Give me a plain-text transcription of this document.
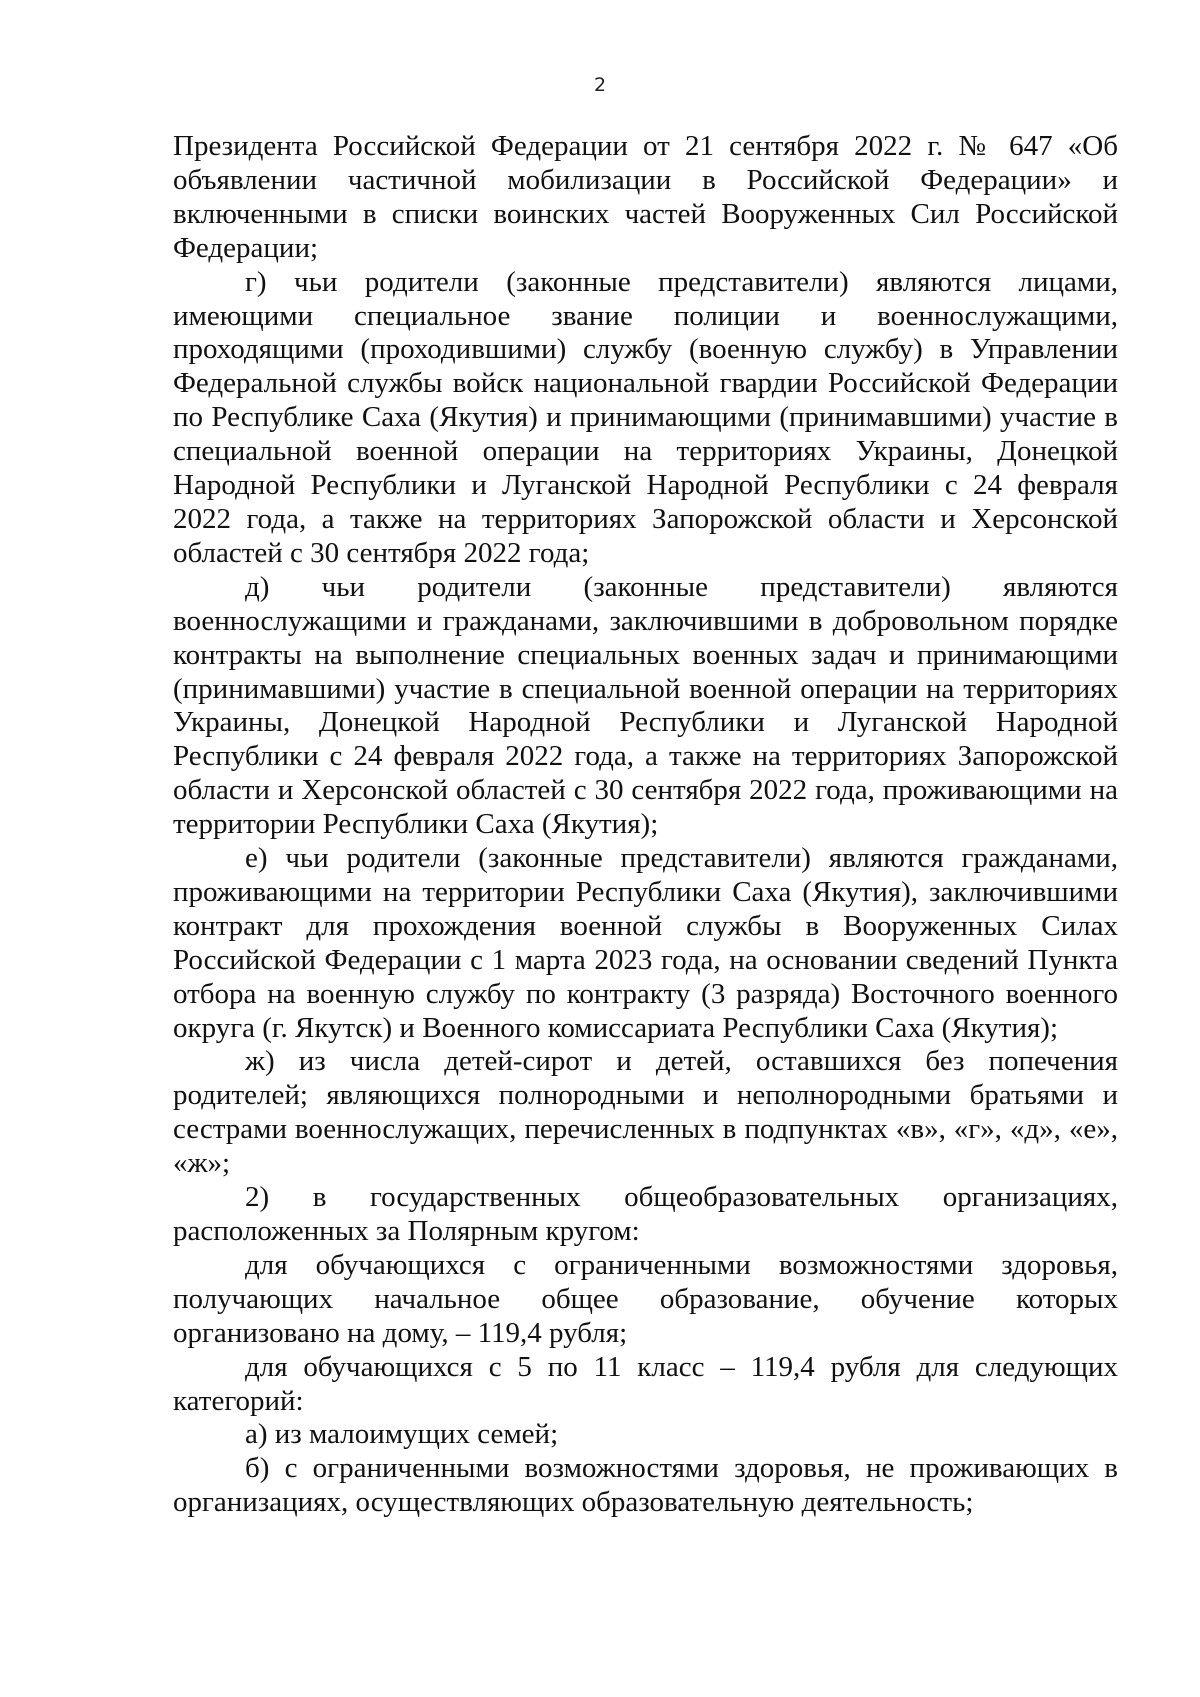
2

Президента Российской Федерации от 21 сентября 2022 г. № 647 «Об объявлении частичной мобилизации в Российской Федерации» и включенными в списки воинских частей Вооруженных Сил Российской Федерации;

г) чьи родители (законные представители) являются лицами, имеющими специальное звание полиции и военнослужащими, проходящими (проходившими) службу (военную службу) в Управлении Федеральной службы войск национальной гвардии Российской Федерации по Республике Саха (Якутия) и принимающими (принимавшими) участие в специальной военной операции на территориях Украины, Донецкой Народной Республики и Луганской Народной Республики с 24 февраля 2022 года, а также на территориях Запорожской области и Херсонской областей с 30 сентября 2022 года;

д) чьи родители (законные представители) являются военнослужащими и гражданами, заключившими в добровольном порядке контракты на выполнение специальных военных задач и принимающими (принимавшими) участие в специальной военной операции на территориях Украины, Донецкой Народной Республики и Луганской Народной Республики с 24 февраля 2022 года, а также на территориях Запорожской области и Херсонской областей с 30 сентября 2022 года, проживающими на территории Республики Саха (Якутия);

е) чьи родители (законные представители) являются гражданами, проживающими на территории Республики Саха (Якутия), заключившими контракт для прохождения военной службы в Вооруженных Силах Российской Федерации с 1 марта 2023 года, на основании сведений Пункта отбора на военную службу по контракту (3 разряда) Восточного военного округа (г. Якутск) и Военного комиссариата Республики Саха (Якутия);

ж) из числа детей-сирот и детей, оставшихся без попечения родителей; являющихся полнородными и неполнородными братьями и сестрами военнослужащих, перечисленных в подпунктах «в», «г», «д», «е», «ж»;

2) в государственных общеобразовательных организациях, расположенных за Полярным кругом:

для обучающихся с ограниченными возможностями здоровья, получающих начальное общее образование, обучение которых организовано на дому, – 119,4 рубля;

для обучающихся с 5 по 11 класс – 119,4 рубля для следующих категорий:

а) из малоимущих семей;

б) с ограниченными возможностями здоровья, не проживающих в организациях, осуществляющих образовательную деятельность;
